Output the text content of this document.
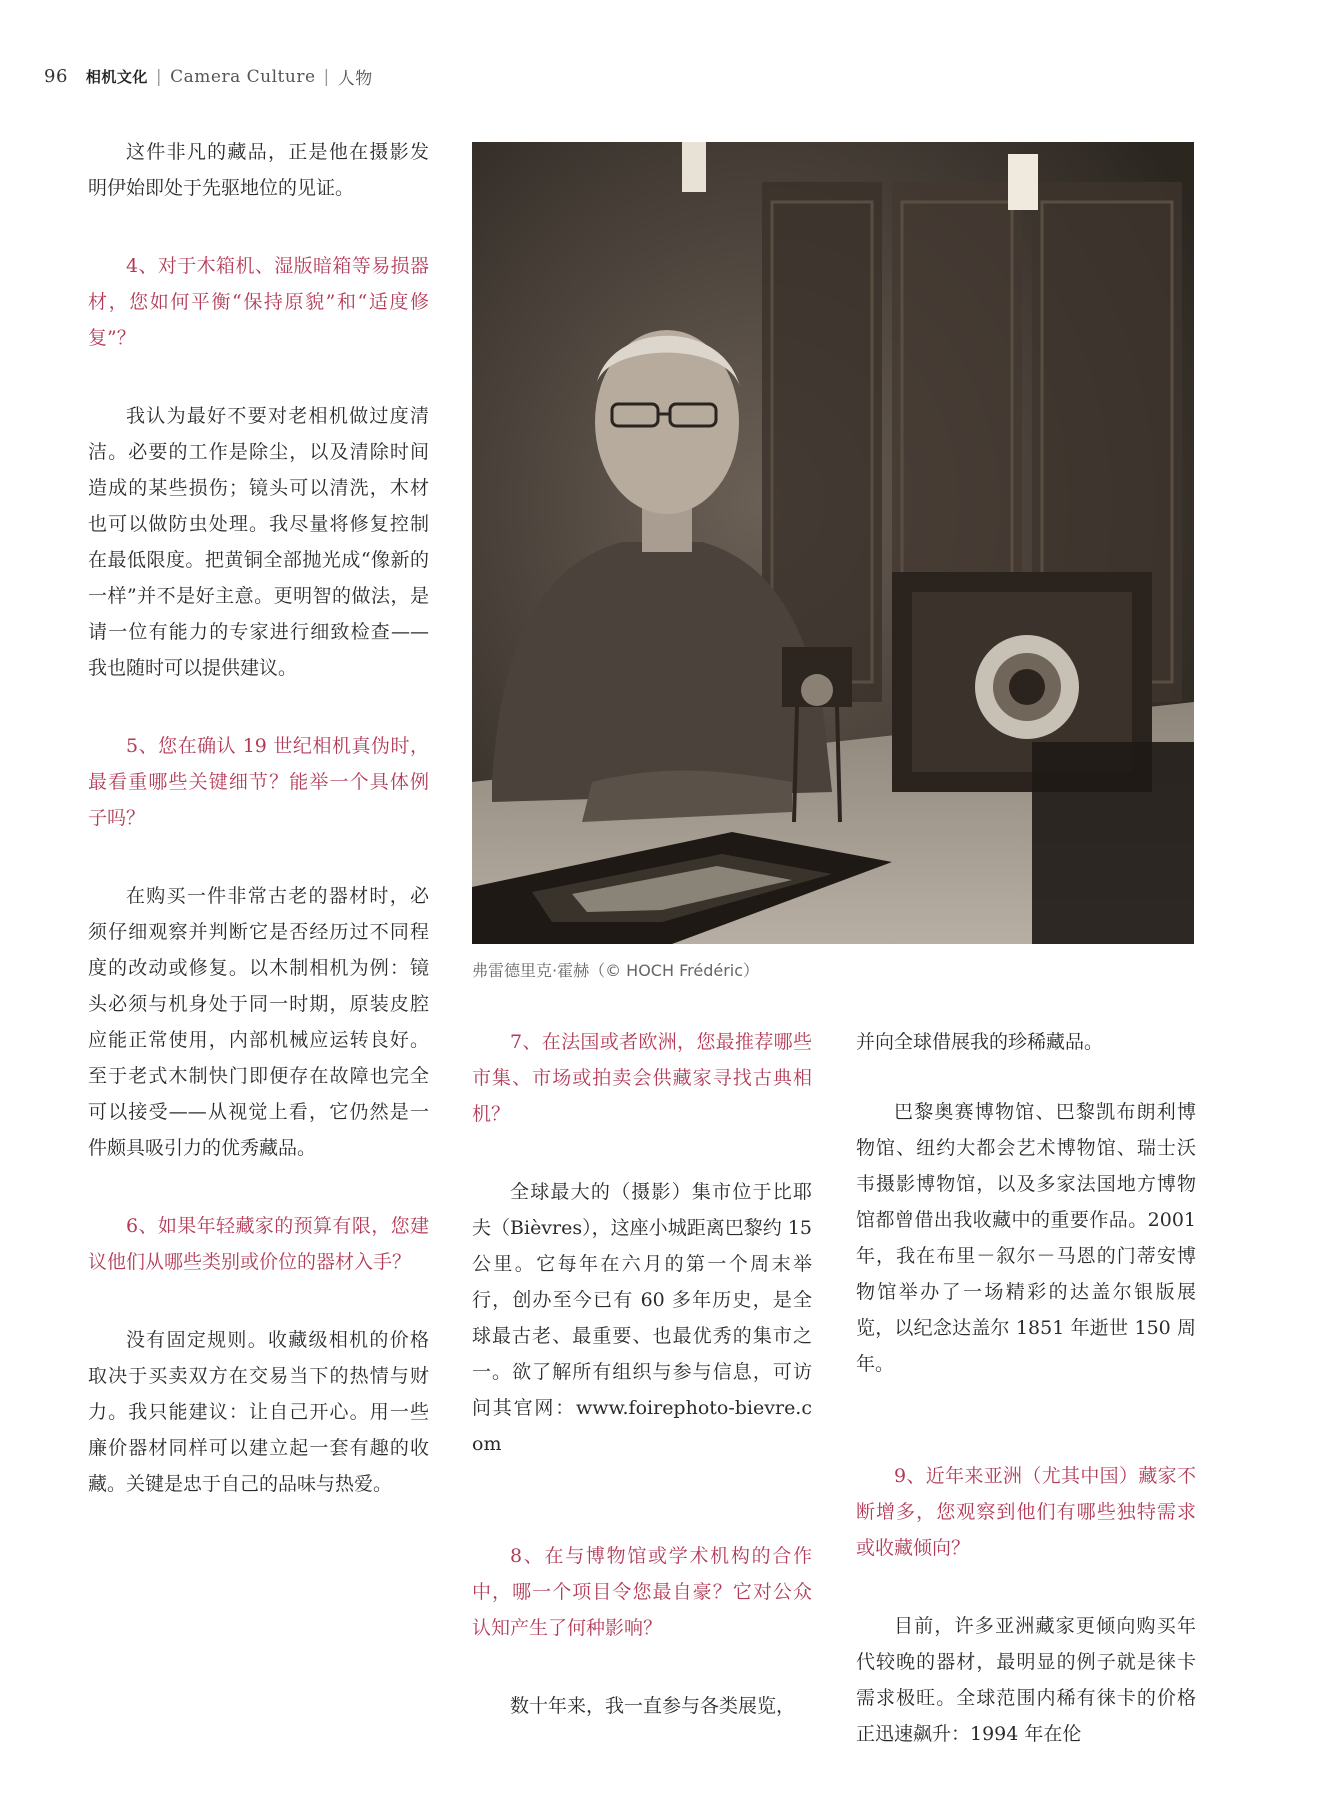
96 相机文化 | Camera Culture | 人物

这件非凡的藏品，正是他在摄影发明伊始即处于先驱地位的见证。

4、对于木箱机、湿版暗箱等易损器材，您如何平衡“保持原貌”和“适度修复”？

我认为最好不要对老相机做过度清洁。必要的工作是除尘，以及清除时间造成的某些损伤；镜头可以清洗，木材也可以做防虫处理。我尽量将修复控制在最低限度。把黄铜全部抛光成“像新的一样”并不是好主意。更明智的做法，是请一位有能力的专家进行细致检查——我也随时可以提供建议。

5、您在确认 19 世纪相机真伪时，最看重哪些关键细节？能举一个具体例子吗？

在购买一件非常古老的器材时，必须仔细观察并判断它是否经历过不同程度的改动或修复。以木制相机为例：镜头必须与机身处于同一时期，原装皮腔应能正常使用，内部机械应运转良好。至于老式木制快门即便存在故障也完全可以接受——从视觉上看，它仍然是一件颇具吸引力的优秀藏品。

6、如果年轻藏家的预算有限，您建议他们从哪些类别或价位的器材入手？

没有固定规则。收藏级相机的价格取决于买卖双方在交易当下的热情与财力。我只能建议：让自己开心。用一些廉价器材同样可以建立起一套有趣的收藏。关键是忠于自己的品味与热爱。

弗雷德里克·霍赫（© HOCH Frédéric）

7、在法国或者欧洲，您最推荐哪些市集、市场或拍卖会供藏家寻找古典相机？

全球最大的（摄影）集市位于比耶夫（Bièvres），这座小城距离巴黎约 15 公里。它每年在六月的第一个周末举行，创办至今已有 60 多年历史，是全球最古老、最重要、也最优秀的集市之一。欲了解所有组织与参与信息，可访问其官网：www.foirephoto-bievre.com

8、在与博物馆或学术机构的合作中，哪一个项目令您最自豪？它对公众认知产生了何种影响？

数十年来，我一直参与各类展览，

并向全球借展我的珍稀藏品。

巴黎奥赛博物馆、巴黎凯布朗利博物馆、纽约大都会艺术博物馆、瑞士沃韦摄影博物馆，以及多家法国地方博物馆都曾借出我收藏中的重要作品。2001 年，我在布里－叙尔－马恩的门蒂安博物馆举办了一场精彩的达盖尔银版展览，以纪念达盖尔 1851 年逝世 150 周年。

9、近年来亚洲（尤其中国）藏家不断增多，您观察到他们有哪些独特需求或收藏倾向？

目前，许多亚洲藏家更倾向购买年代较晚的器材，最明显的例子就是徕卡需求极旺。全球范围内稀有徕卡的价格正迅速飙升：1994 年在伦
